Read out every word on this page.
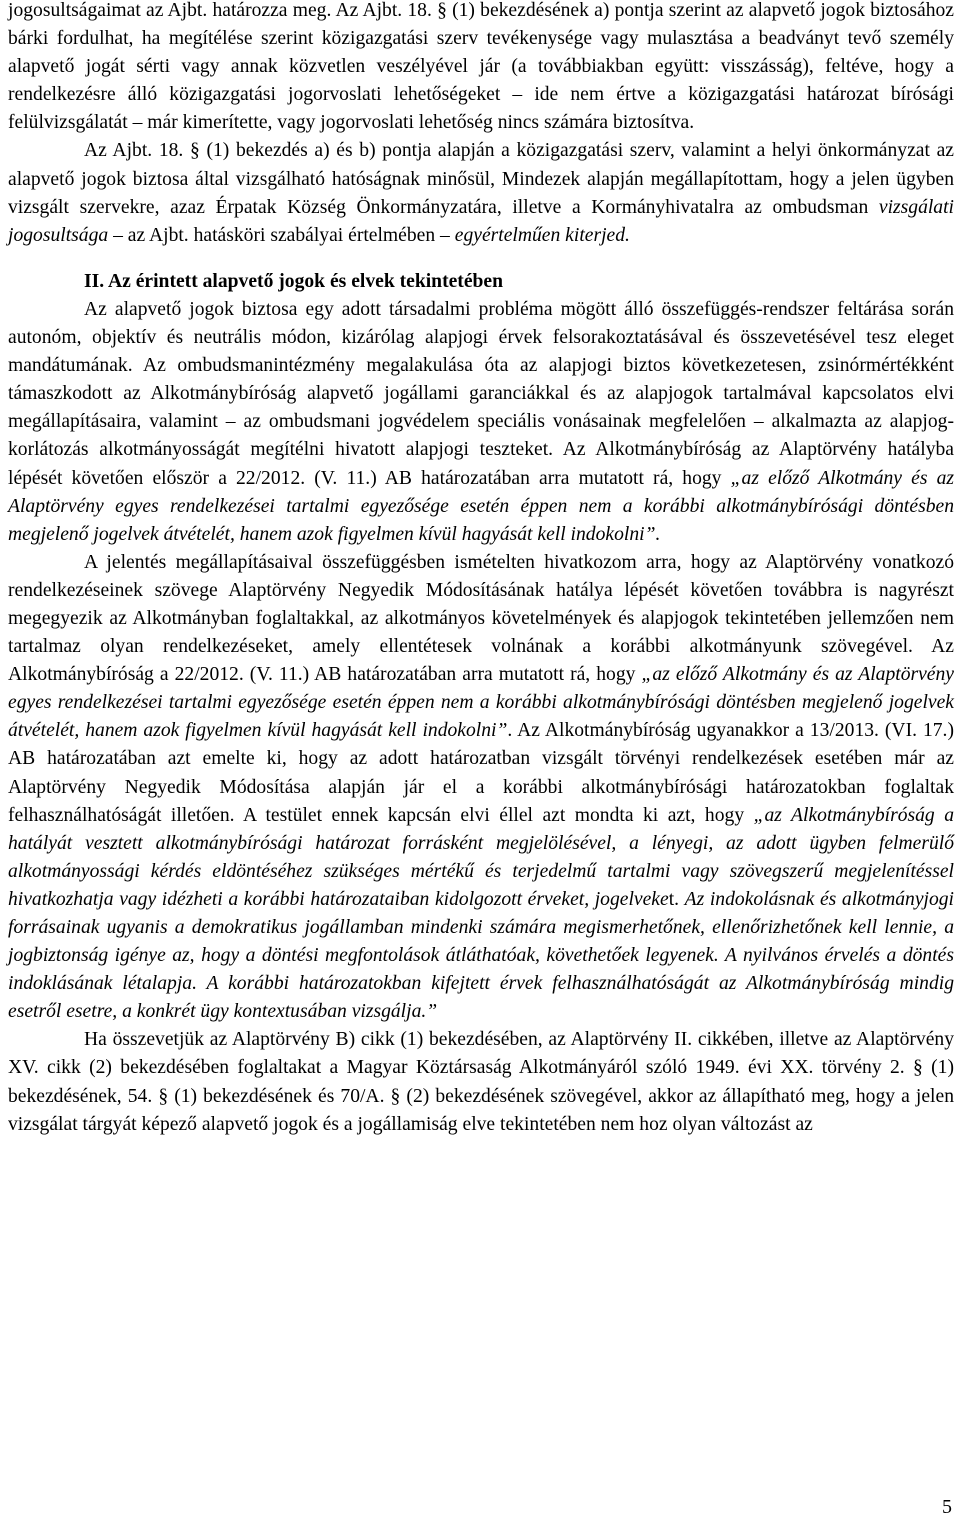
jogosultságaimat az Ajbt. határozza meg. Az Ajbt. 18. § (1) bekezdésének a) pontja szerint az alapvető jogok biztosához bárki fordulhat, ha megítélése szerint közigazgatási szerv tevékenysége vagy mulasztása a beadványt tevő személy alapvető jogát sérti vagy annak közvetlen veszélyével jár (a továbbiakban együtt: visszásság), feltéve, hogy a rendelkezésre álló közigazgatási jogorvoslati lehetőségeket – ide nem értve a közigazgatási határozat bírósági felülvizsgálatát – már kimerítette, vagy jogorvoslati lehetőség nincs számára biztosítva.

Az Ajbt. 18. § (1) bekezdés a) és b) pontja alapján a közigazgatási szerv, valamint a helyi önkormányzat az alapvető jogok biztosa által vizsgálható hatóságnak minősül, Mindezek alapján megállapítottam, hogy a jelen ügyben vizsgált szervekre, azaz Érpatak Község Önkormányzatára, illetve a Kormányhivatalra az ombudsman vizsgálati jogosultsága – az Ajbt. hatásköri szabályai értelmében – egyértelműen kiterjed.

II. Az érintett alapvető jogok és elvek tekintetében

Az alapvető jogok biztosa egy adott társadalmi probléma mögött álló összefüggés-rendszer feltárása során autonóm, objektív és neutrális módon, kizárólag alapjogi érvek felsorakoztatásával és összevetésével tesz eleget mandátumának. Az ombudsmanintézmény megalakulása óta az alapjogi biztos következetesen, zsinórmértékként támaszkodott az Alkotmánybíróság alapvető jogállami garanciákkal és az alapjogok tartalmával kapcsolatos elvi megállapításaira, valamint – az ombudsmani jogvédelem speciális vonásainak megfelelően – alkalmazta az alapjog-korlátozás alkotmányosságát megítélni hivatott alapjogi teszteket. Az Alkotmánybíróság az Alaptörvény hatályba lépését követően először a 22/2012. (V. 11.) AB határozatában arra mutatott rá, hogy „az előző Alkotmány és az Alaptörvény egyes rendelkezései tartalmi egyezősége esetén éppen nem a korábbi alkotmánybírósági döntésben megjelenő jogelvek átvételét, hanem azok figyelmen kívül hagyását kell indokolni”.

A jelentés megállapításaival összefüggésben ismételten hivatkozom arra, hogy az Alaptörvény vonatkozó rendelkezéseinek szövege Alaptörvény Negyedik Módosításának hatálya lépését követően továbbra is nagyrészt megegyezik az Alkotmányban foglaltakkal, az alkotmányos követelmények és alapjogok tekintetében jellemzően nem tartalmaz olyan rendelkezéseket, amely ellentétesek volnának a korábbi alkotmányunk szövegével. Az Alkotmánybíróság a 22/2012. (V. 11.) AB határozatában arra mutatott rá, hogy „az előző Alkotmány és az Alaptörvény egyes rendelkezései tartalmi egyezősége esetén éppen nem a korábbi alkotmánybírósági döntésben megjelenő jogelvek átvételét, hanem azok figyelmen kívül hagyását kell indokolni”. Az Alkotmánybíróság ugyanakkor a 13/2013. (VI. 17.) AB határozatában azt emelte ki, hogy az adott határozatban vizsgált törvényi rendelkezések esetében már az Alaptörvény Negyedik Módosítása alapján jár el a korábbi alkotmánybírósági határozatokban foglaltak felhasználhatóságát illetően. A testület ennek kapcsán elvi éllel azt mondta ki azt, hogy „az Alkotmánybíróság a hatályát vesztett alkotmánybírósági határozat forrásként megjelölésével, a lényegi, az adott ügyben felmerülő alkotmányossági kérdés eldöntéséhez szükséges mértékű és terjedelmű tartalmi vagy szövegszerű megjelenítéssel hivatkozhatja vagy idézheti a korábbi határozataiban kidolgozott érveket, jogelveket. Az indokolásnak és alkotmányjogi forrásainak ugyanis a demokratikus jogállamban mindenki számára megismerhetőnek, ellenőrizhetőnek kell lennie, a jogbiztonság igénye az, hogy a döntési megfontolások átláthatóak, követhetőek legyenek. A nyilvános érvelés a döntés indoklásának létalapja. A korábbi határozatokban kifejtett érvek felhasználhatóságát az Alkotmánybíróság mindig esetről esetre, a konkrét ügy kontextusában vizsgálja.”

Ha összevetjük az Alaptörvény B) cikk (1) bekezdésében, az Alaptörvény II. cikkében, illetve az Alaptörvény XV. cikk (2) bekezdésében foglaltakat a Magyar Köztársaság Alkotmányáról szóló 1949. évi XX. törvény 2. § (1) bekezdésének, 54. § (1) bekezdésének és 70/A. § (2) bekezdésének szövegével, akkor az állapítható meg, hogy a jelen vizsgálat tárgyát képező alapvető jogok és a jogállamiság elve tekintetében nem hoz olyan változást az

5
